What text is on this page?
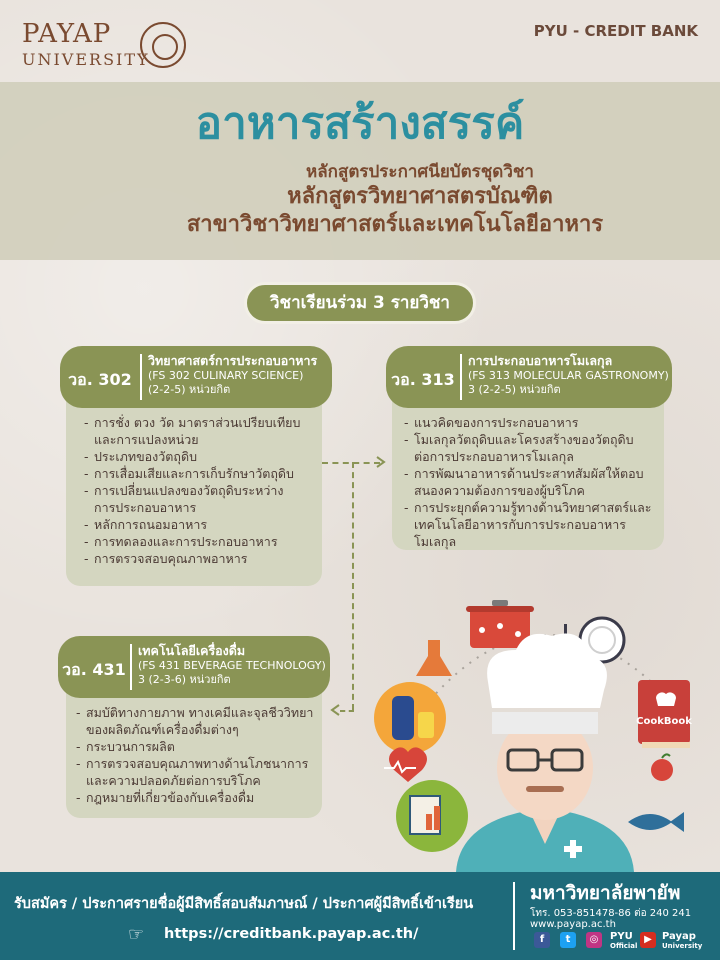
PAYAP
UNIVERSITY
PYU - CREDIT BANK
อาหารสร้างสรรค์
หลักสูตรประกาศนียบัตรชุดวิชา
หลักสูตรวิทยาศาสตรบัณฑิต
สาขาวิชาวิทยาศาสตร์และเทคโนโลยีอาหาร
วิชาเรียนร่วม 3 รายวิชา
วอ. 302
วิทยาศาสตร์การประกอบอาหาร
(FS 302 CULINARY SCIENCE)
(2-2-5) หน่วยกิต
- การชั่ง ตวง วัด มาตราส่วนเปรียบเทียบ
และการแปลงหน่วย
- ประเภทของวัตถุดิบ
- การเสื่อมเสียและการเก็บรักษาวัตถุดิบ
- การเปลี่ยนแปลงของวัตถุดิบระหว่าง
การประกอบอาหาร
- หลักการถนอมอาหาร
- การทดลองและการประกอบอาหาร
- การตรวจสอบคุณภาพอาหาร
วอ. 313
การประกอบอาหารโมเลกุล
(FS 313 MOLECULAR GASTRONOMY)
3 (2-2-5) หน่วยกิต
- แนวคิดของการประกอบอาหาร
- โมเลกุลวัตถุดิบและโครงสร้างของวัตถุดิบ
ต่อการประกอบอาหารโมเลกุล
- การพัฒนาอาหารด้านประสาทสัมผัสให้ตอบ
สนองความต้องการของผู้บริโภค
- การประยุกต์ความรู้ทางด้านวิทยาศาสตร์และ
เทคโนโลยีอาหารกับการประกอบอาหารโมเลกุล
วอ. 431
เทคโนโลยีเครื่องดื่ม
(FS 431 BEVERAGE TECHNOLOGY)
3 (2-3-6) หน่วยกิต
- สมบัติทางกายภาพ ทางเคมีและจุลชีววิทยา
ของผลิตภัณฑ์เครื่องดื่มต่างๆ
- กระบวนการผลิต
- การตรวจสอบคุณภาพทางด้านโภชนาการ
และความปลอดภัยต่อการบริโภค
- กฎหมายที่เกี่ยวข้องกับเครื่องดื่ม
CookBook
รับสมัคร / ประกาศรายชื่อผู้มีสิทธิ์สอบสัมภาษณ์ / ประกาศผู้มีสิทธิ์เข้าเรียน
☞ https://creditbank.payap.ac.th/
มหาวิทยาลัยพายัพ
โทร. 053-851478-86 ต่อ 240 241
www.payap.ac.th
f	t	◎	PYU
Official
▶	Payap
University
